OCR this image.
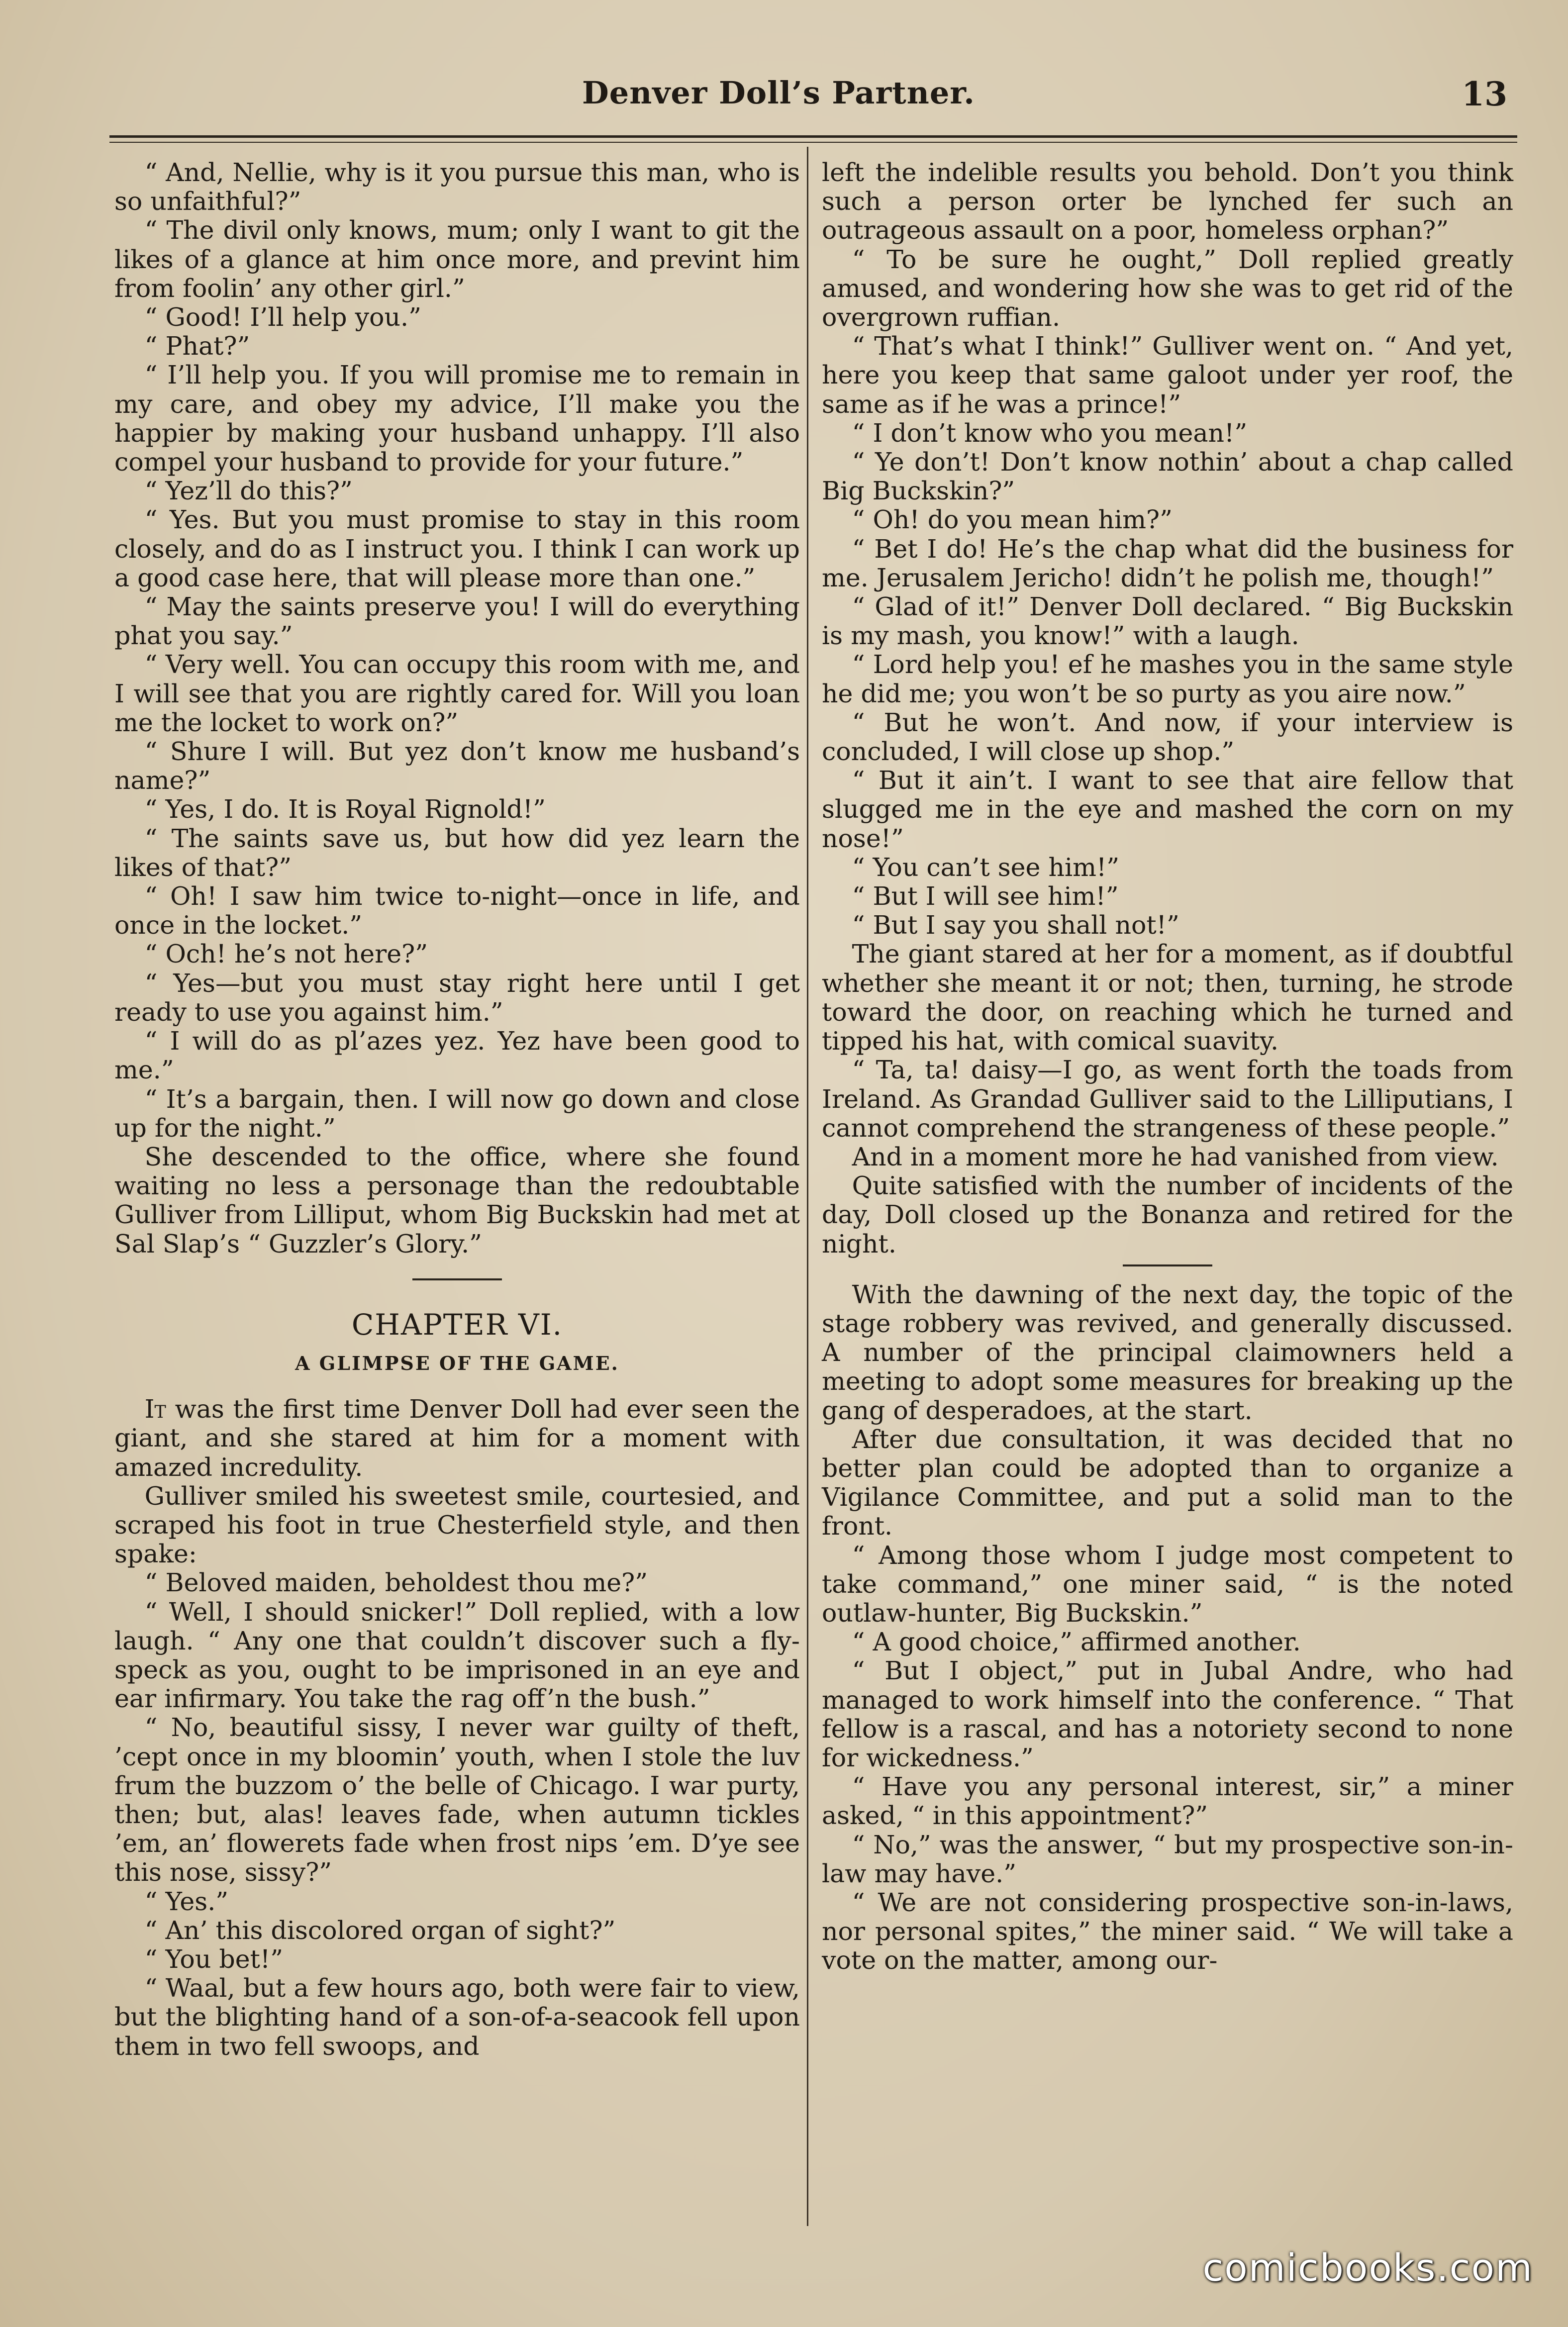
Denver Doll’s Partner.	13

“ And, Nellie, why is it you pursue this man, who is so unfaithful?”

“ The divil only knows, mum; only I want to git the likes of a glance at him once more, and prevint him from foolin’ any other girl.”

“ Good! I’ll help you.”

“ Phat?”

“ I’ll help you. If you will promise me to remain in my care, and obey my advice, I’ll make you the happier by making your husband unhappy. I’ll also compel your husband to provide for your future.”

“ Yez’ll do this?”

“ Yes. But you must promise to stay in this room closely, and do as I instruct you. I think I can work up a good case here, that will please more than one.”

“ May the saints preserve you! I will do everything phat you say.”

“ Very well. You can occupy this room with me, and I will see that you are rightly cared for. Will you loan me the locket to work on?”

“ Shure I will. But yez don’t know me husband’s name?”

“ Yes, I do. It is Royal Rignold!”

“ The saints save us, but how did yez learn the likes of that?”

“ Oh! I saw him twice to-night—once in life, and once in the locket.”

“ Och! he’s not here?”

“ Yes—but you must stay right here until I get ready to use you against him.”

“ I will do as pl’azes yez. Yez have been good to me.”

“ It’s a bargain, then. I will now go down and close up for the night.”

She descended to the office, where she found waiting no less a personage than the redoubtable Gulliver from Lilliput, whom Big Buckskin had met at Sal Slap’s “ Guzzler’s Glory.”

CHAPTER VI.
A GLIMPSE OF THE GAME.

It was the first time Denver Doll had ever seen the giant, and she stared at him for a moment with amazed incredulity.

Gulliver smiled his sweetest smile, courtesied, and scraped his foot in true Chesterfield style, and then spake:

“ Beloved maiden, beholdest thou me?”

“ Well, I should snicker!” Doll replied, with a low laugh. “ Any one that couldn’t discover such a fly-speck as you, ought to be imprisoned in an eye and ear infirmary. You take the rag off’n the bush.”

“ No, beautiful sissy, I never war guilty of theft, ’cept once in my bloomin’ youth, when I stole the luv frum the buzzom o’ the belle of Chicago. I war purty, then; but, alas! leaves fade, when autumn tickles ’em, an’ flowerets fade when frost nips ’em. D’ye see this nose, sissy?”

“ Yes.”

“ An’ this discolored organ of sight?”

“ You bet!”

“ Waal, but a few hours ago, both were fair to view, but the blighting hand of a son-of-a-seacook fell upon them in two fell swoops, and

left the indelible results you behold. Don’t you think such a person orter be lynched fer such an outrageous assault on a poor, homeless orphan?”

“ To be sure he ought,” Doll replied greatly amused, and wondering how she was to get rid of the overgrown ruffian.

“ That’s what I think!” Gulliver went on. “ And yet, here you keep that same galoot under yer roof, the same as if he was a prince!”

“ I don’t know who you mean!”

“ Ye don’t! Don’t know nothin’ about a chap called Big Buckskin?”

“ Oh! do you mean him?”

“ Bet I do! He’s the chap what did the business for me. Jerusalem Jericho! didn’t he polish me, though!”

“ Glad of it!” Denver Doll declared. “ Big Buckskin is my mash, you know!” with a laugh.

“ Lord help you! ef he mashes you in the same style he did me; you won’t be so purty as you aire now.”

“ But he won’t. And now, if your interview is concluded, I will close up shop.”

“ But it ain’t. I want to see that aire fellow that slugged me in the eye and mashed the corn on my nose!”

“ You can’t see him!”

“ But I will see him!”

“ But I say you shall not!”

The giant stared at her for a moment, as if doubtful whether she meant it or not; then, turning, he strode toward the door, on reaching which he turned and tipped his hat, with comical suavity.

“ Ta, ta! daisy—I go, as went forth the toads from Ireland. As Grandad Gulliver said to the Lilliputians, I cannot comprehend the strangeness of these people.”

And in a moment more he had vanished from view.

Quite satisfied with the number of incidents of the day, Doll closed up the Bonanza and retired for the night.

With the dawning of the next day, the topic of the stage robbery was revived, and generally discussed. A number of the principal claimowners held a meeting to adopt some measures for breaking up the gang of desperadoes, at the start.

After due consultation, it was decided that no better plan could be adopted than to organize a Vigilance Committee, and put a solid man to the front.

“ Among those whom I judge most competent to take command,” one miner said, “ is the noted outlaw-hunter, Big Buckskin.”

“ A good choice,” affirmed another.

“ But I object,” put in Jubal Andre, who had managed to work himself into the conference. “ That fellow is a rascal, and has a notoriety second to none for wickedness.”

“ Have you any personal interest, sir,” a miner asked, “ in this appointment?”

“ No,” was the answer, “ but my prospective son-in-law may have.”

“ We are not considering prospective son-in-laws, nor personal spites,” the miner said. “ We will take a vote on the matter, among our-

comicbooks.com
